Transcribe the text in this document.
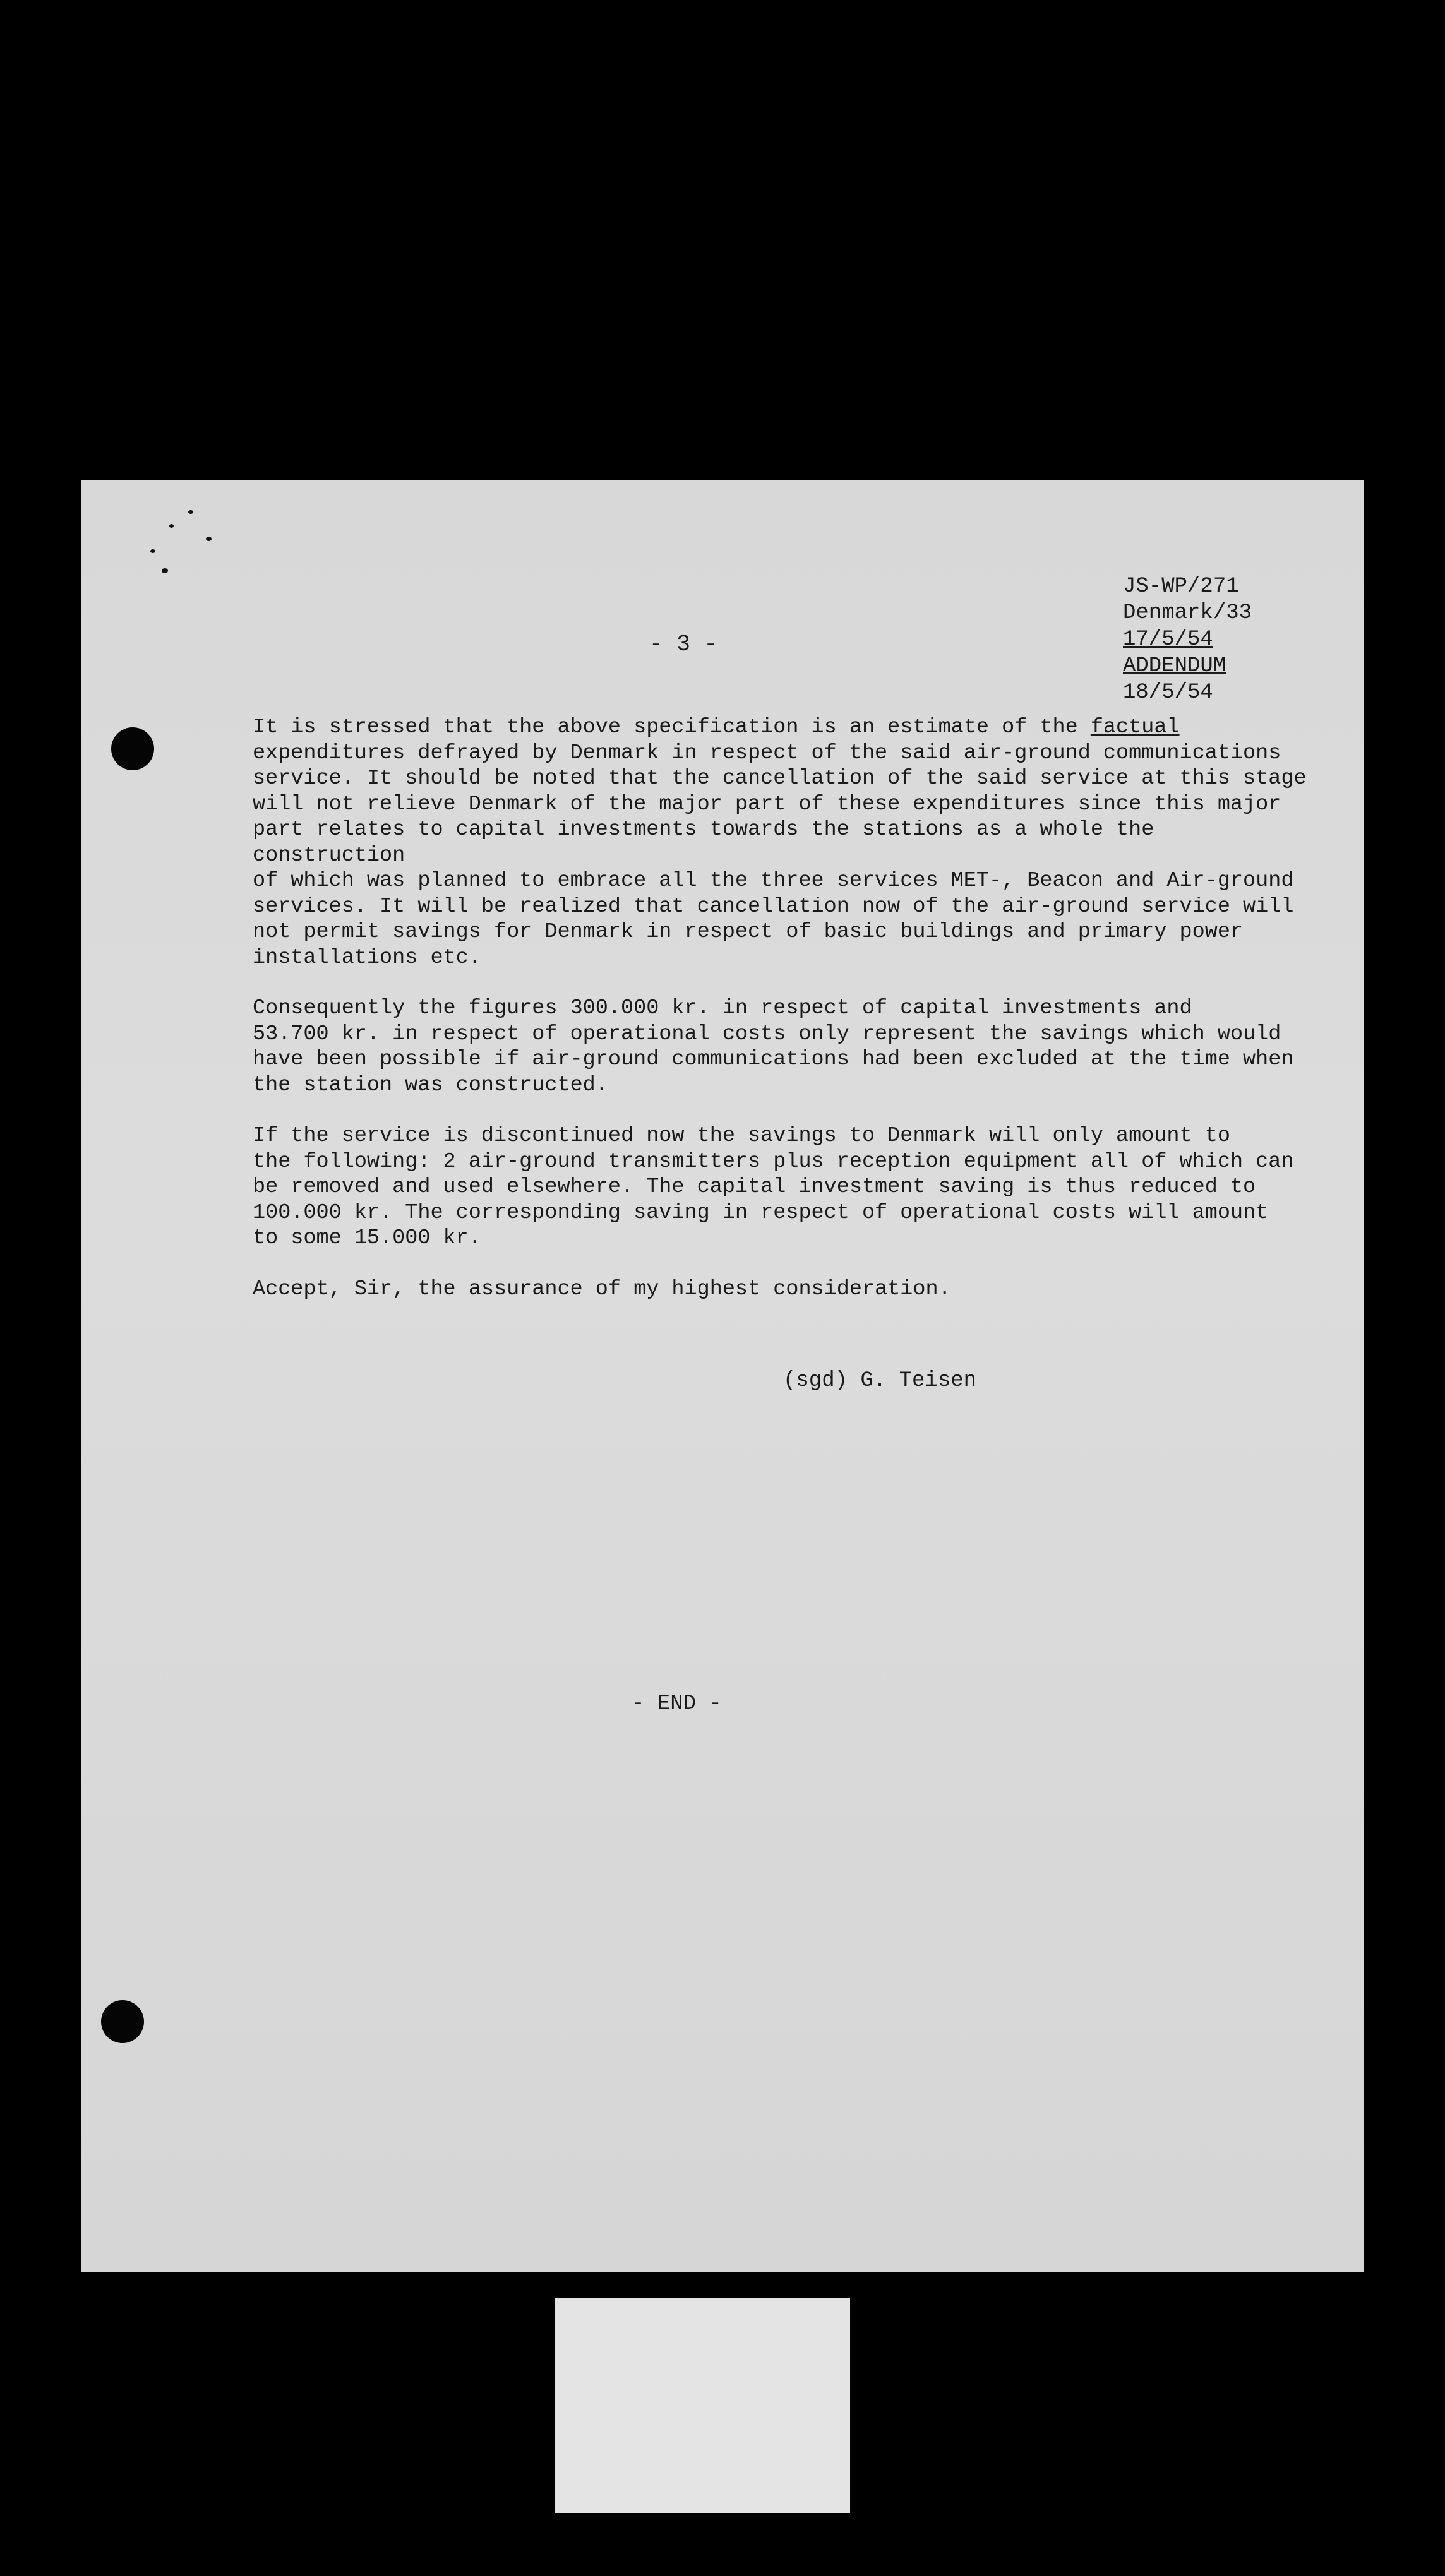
JS-WP/271
Denmark/33
17/5/54
ADDENDUM
18/5/54
- 3 -

It is stressed that the above specification is an estimate of the factual
expenditures defrayed by Denmark in respect of the said air-ground communications
service. It should be noted that the cancellation of the said service at this stage
will not relieve Denmark of the major part of these expenditures since this major
part relates to capital investments towards the stations as a whole the construction
of which was planned to embrace all the three services MET-, Beacon and Air-ground
services. It will be realized that cancellation now of the air-ground service will
not permit savings for Denmark in respect of basic buildings and primary power
installations etc.

Consequently the figures 300.000 kr. in respect of capital investments and
53.700 kr. in respect of operational costs only represent the savings which would
have been possible if air-ground communications had been excluded at the time when
the station was constructed.

If the service is discontinued now the savings to Denmark will only amount to
the following: 2 air-ground transmitters plus reception equipment all of which can
be removed and used elsewhere. The capital investment saving is thus reduced to
100.000 kr. The corresponding saving in respect of operational costs will amount
to some 15.000 kr.

Accept, Sir, the assurance of my highest consideration.

(sgd) G. Teisen
- END -
